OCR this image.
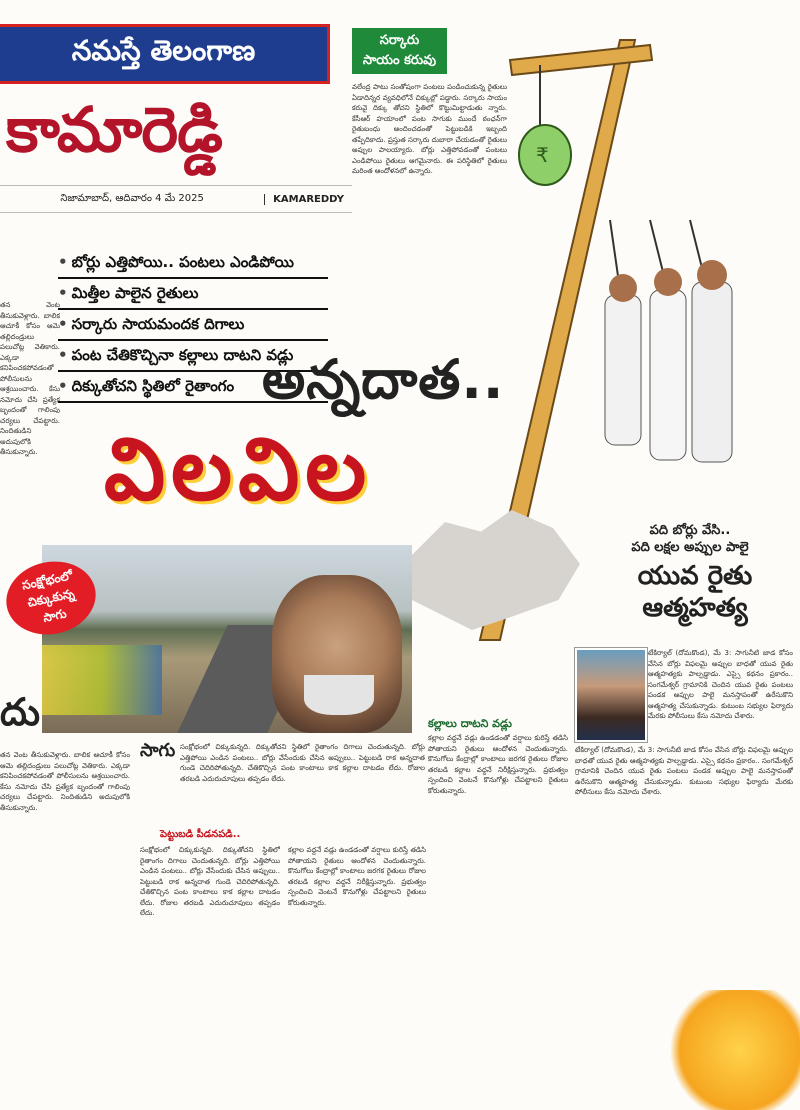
నమస్తే తెలంగాణ
కామారెడ్డి
నిజామాబాద్, ఆదివారం 4 మే 2025	KAMAREDDY
తన వెంట తీసుకువెళ్లారు. బాలిక ఆచూకీ కోసం ఆమె తల్లిదండ్రులు పలుచోట్ల వెతికారు. ఎక్కడా కనిపించకపోవడంతో పోలీసులను ఆశ్రయించారు. కేసు నమోదు చేసి ప్రత్యేక బృందంతో గాలింపు చర్యలు చేపట్టారు. నిందితుడిని అదుపులోకి తీసుకున్నారు.
సర్కారు
సాయం కరువు
వలేంద్ర పాటు సంతోషంగా పంటలు పండించుకున్న రైతులు ఏడాదిన్నర వ్యవధిలోనే చిక్కుల్లో పడ్డారు. సర్కారు సాయం కరువై దిక్కు తోచని స్థితిలో కొట్టుమిట్టాడుతు న్నారు. కేసీఆర్ హయాంలో పంట సాగుకు ముందే ఠంఛన్‌గా రైతుబంధు అందించడంతో పెట్టుబడికి ఇబ్బంది తప్పేదికాదు. ప్రస్తుత సర్కారు దుబారా చేయడంతో రైతులు అప్పుల పాలయ్యారు. బోర్లు ఎత్తిపోవడంతో పంటలు ఎండిపోయి రైతులు ఆగమైనారు. ఈ పరిస్థితిలో రైతులు మరింత ఆందోళనలో ఉన్నారు.
₹
• బోర్లు ఎత్తిపోయి.. పంటలు ఎండిపోయి
• మిత్తీల పాలైన రైతులు
• సర్కారు సాయమందక దిగాలు
• పంట చేతికొచ్చినా కల్లాలు దాటని వడ్లు
• దిక్కుతోచని స్థితిలో రైతాంగం అన్నదాత..
విలవిల
సంక్షోభంలో
చిక్కుకున్న
సాగు
పది బోర్లు వేసి..
పది లక్షల అప్పుల పాలై
యువ రైతు
ఆత్మహత్య
టేకిర్యాల్ (దోమకొండ), మే 3: సాగునీటి జాడ కోసం వేసిన బోర్లు విఫలమై అప్పుల బాధతో యువ రైతు ఆత్మహత్యకు పాల్పడ్డాడు. ఎస్సై కథనం ప్రకారం.. సంగమేశ్వర్ గ్రామానికి చెందిన యువ రైతు పంటలు పండక అప్పుల పాలై మనస్తాపంతో ఉరేసుకొని ఆత్మహత్య చేసుకున్నాడు. కుటుంబ సభ్యుల ఫిర్యాదు మేరకు పోలీసులు కేసు నమోదు చేశారు.
టేకిర్యాల్ (దోమకొండ), మే 3: సాగునీటి జాడ కోసం వేసిన బోర్లు విఫలమై అప్పుల బాధతో యువ రైతు ఆత్మహత్యకు పాల్పడ్డాడు. ఎస్సై కథనం ప్రకారం.. సంగమేశ్వర్ గ్రామానికి చెందిన యువ రైతు పంటలు పండక అప్పుల పాలై మనస్తాపంతో ఉరేసుకొని ఆత్మహత్య చేసుకున్నాడు. కుటుంబ సభ్యుల ఫిర్యాదు మేరకు పోలీసులు కేసు నమోదు చేశారు.
దు
తన వెంట తీసుకువెళ్లారు. బాలిక ఆచూకీ కోసం ఆమె తల్లిదండ్రులు పలుచోట్ల వెతికారు. ఎక్కడా కనిపించకపోవడంతో పోలీసులను ఆశ్రయించారు. కేసు నమోదు చేసి ప్రత్యేక బృందంతో గాలింపు చర్యలు చేపట్టారు. నిందితుడిని అదుపులోకి తీసుకున్నారు.
సాగు సంక్షోభంలో చిక్కుకున్నది. దిక్కుతోచని స్థితిలో రైతాంగం దిగాలు చెందుతున్నది. బోర్లు ఎత్తిపోయి ఎండిన పంటలు.. బోర్లు వేసేందుకు చేసిన అప్పులు.. పెట్టుబడి రాక అన్నదాత గుండె చెదిరిపోతున్నది. చేతికొచ్చిన పంట కాంటాలు కాక కల్లాల దాటడం లేదు. రోజుల తరబడి ఎదురుచూపులు తప్పడం లేదు.
పెట్టుబడి పీడనపడి..
సంక్షోభంలో చిక్కుకున్నది. దిక్కుతోచని స్థితిలో రైతాంగం దిగాలు చెందుతున్నది. బోర్లు ఎత్తిపోయి ఎండిన పంటలు.. బోర్లు వేసేందుకు చేసిన అప్పులు.. పెట్టుబడి రాక అన్నదాత గుండె చెదిరిపోతున్నది. చేతికొచ్చిన పంట కాంటాలు కాక కల్లాల దాటడం లేదు. రోజుల తరబడి ఎదురుచూపులు తప్పడం లేదు.
కల్లాల వద్దనే వడ్లు ఉండడంతో వర్షాలు కురిస్తే తడిసి పోతాయని రైతులు ఆందోళన చెందుతున్నారు. కొనుగోలు కేంద్రాల్లో కాంటాలు జరగక రైతులు రోజుల తరబడి కల్లాల వద్దనే నిరీక్షిస్తున్నారు. ప్రభుత్వం స్పందించి వెంటనే కొనుగోళ్లు చేపట్టాలని రైతులు కోరుతున్నారు.
కల్లాలు దాటని వడ్లు
కల్లాల వద్దనే వడ్లు ఉండడంతో వర్షాలు కురిస్తే తడిసి పోతాయని రైతులు ఆందోళన చెందుతున్నారు. కొనుగోలు కేంద్రాల్లో కాంటాలు జరగక రైతులు రోజుల తరబడి కల్లాల వద్దనే నిరీక్షిస్తున్నారు. ప్రభుత్వం స్పందించి వెంటనే కొనుగోళ్లు చేపట్టాలని రైతులు కోరుతున్నారు.
